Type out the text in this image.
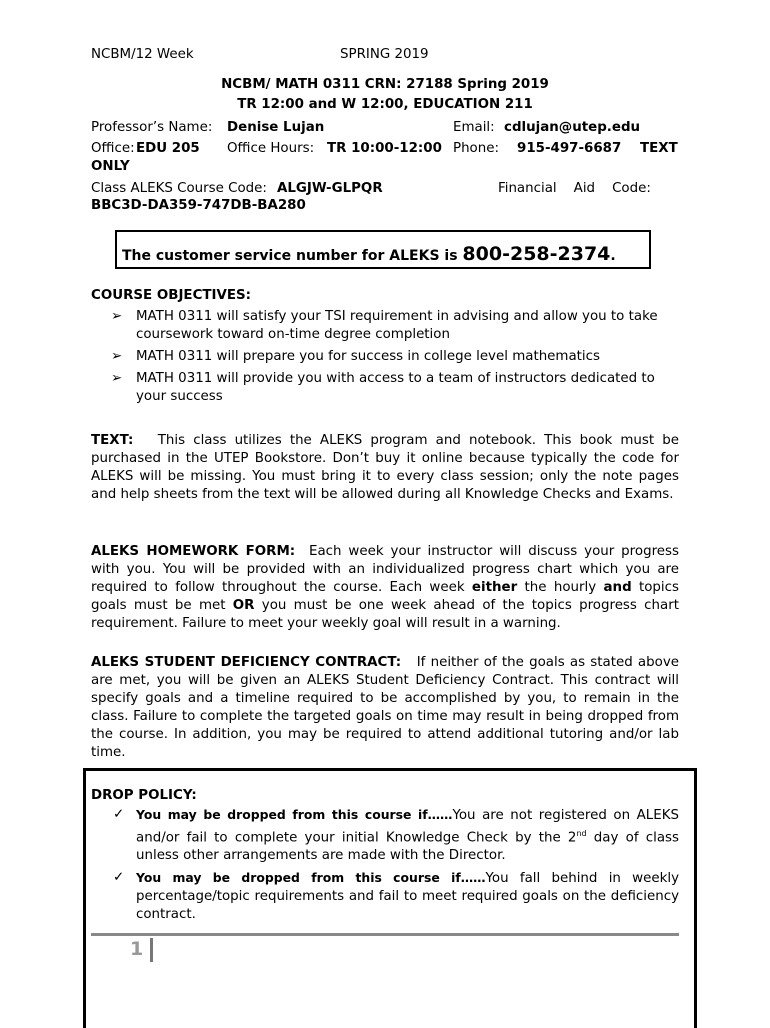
NCBM/12 Week	SPRING 2019
NCBM/ MATH 0311 CRN: 27188 Spring 2019
TR 12:00 and W 12:00, EDUCATION 211
Professor’s Name: Denise Lujan	Email: cdlujan@utep.edu
Office: EDU 205 Office Hours: TR 10:00-12:00 Phone: 915-497-6687 TEXT
ONLY
Class ALEKS Course Code: ALGJW-GLPQR	Financial    Aid    Code:
BBC3D-DA359-747DB-BA280
The customer service number for ALEKS is 800-258-2374.
COURSE OBJECTIVES:
➢ MATH 0311 will satisfy your TSI requirement in advising and allow you to take coursework toward on-time degree completion
➢ MATH 0311 will prepare you for success in college level mathematics
➢ MATH 0311 will provide you with access to a team of instructors dedicated to your success
TEXT: This class utilizes the ALEKS program and notebook. This book must be purchased in the UTEP Bookstore. Don’t buy it online because typically the code for ALEKS will be missing. You must bring it to every class session; only the note pages and help sheets from the text will be allowed during all Knowledge Checks and Exams.
ALEKS HOMEWORK FORM: Each week your instructor will discuss your progress with you. You will be provided with an individualized progress chart which you are required to follow throughout the course. Each week either the hourly and topics goals must be met OR you must be one week ahead of the topics progress chart requirement. Failure to meet your weekly goal will result in a warning.
ALEKS STUDENT DEFICIENCY CONTRACT: If neither of the goals as stated above are met, you will be given an ALEKS Student Deficiency Contract. This contract will specify goals and a timeline required to be accomplished by you, to remain in the class. Failure to complete the targeted goals on time may result in being dropped from the course. In addition, you may be required to attend additional tutoring and/or lab time.
DROP POLICY:
✓ You may be dropped from this course if……You are not registered on ALEKS and/or fail to complete your initial Knowledge Check by the 2nd day of class unless other arrangements are made with the Director.
✓ You may be dropped from this course if……You fall behind in weekly percentage/topic requirements and fail to meet required goals on the deficiency contract.
1
